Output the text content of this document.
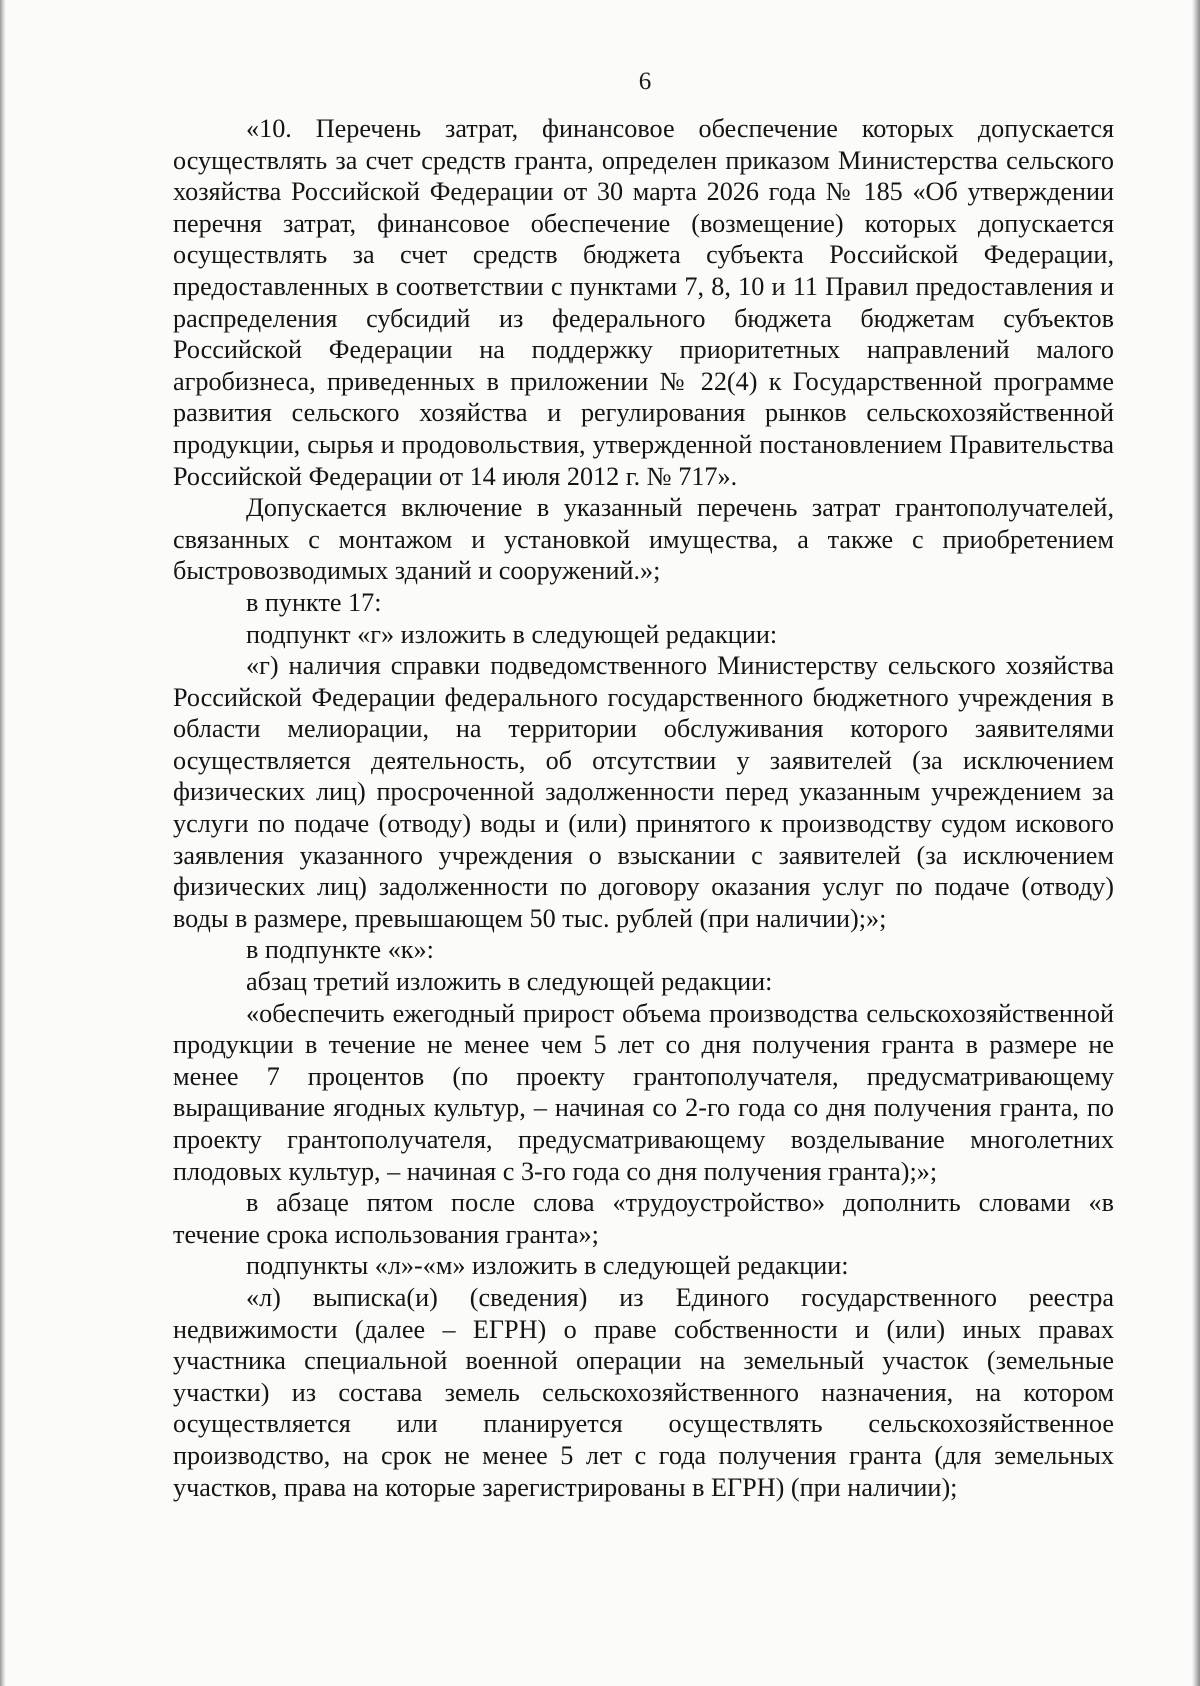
6

«10. Перечень затрат, финансовое обеспечение которых допускается осуществлять за счет средств гранта, определен приказом Министерства сельского хозяйства Российской Федерации от 30 марта 2026 года № 185 «Об утверждении перечня затрат, финансовое обеспечение (возмещение) которых допускается осуществлять за счет средств бюджета субъекта Российской Федерации, предоставленных в соответствии с пунктами 7, 8, 10 и 11 Правил предоставления и распределения субсидий из федерального бюджета бюджетам субъектов Российской Федерации на поддержку приоритетных направлений малого агробизнеса, приведенных в приложении № 22(4) к Государственной программе развития сельского хозяйства и регулирования рынков сельскохозяйственной продукции, сырья и продовольствия, утвержденной постановлением Правительства Российской Федерации от 14 июля 2012 г. № 717».

Допускается включение в указанный перечень затрат грантополучателей, связанных с монтажом и установкой имущества, а также с приобретением быстровозводимых зданий и сооружений.»;

в пункте 17:

подпункт «г» изложить в следующей редакции:

«г) наличия справки подведомственного Министерству сельского хозяйства Российской Федерации федерального государственного бюджетного учреждения в области мелиорации, на территории обслуживания которого заявителями осуществляется деятельность, об отсутствии у заявителей (за исключением физических лиц) просроченной задолженности перед указанным учреждением за услуги по подаче (отводу) воды и (или) принятого к производству судом искового заявления указанного учреждения о взыскании с заявителей (за исключением физических лиц) задолженности по договору оказания услуг по подаче (отводу) воды в размере, превышающем 50 тыс. рублей (при наличии);»;

в подпункте «к»:

абзац третий изложить в следующей редакции:

«обеспечить ежегодный прирост объема производства сельскохозяйственной продукции в течение не менее чем 5 лет со дня получения гранта в размере не менее 7 процентов (по проекту грантополучателя, предусматривающему выращивание ягодных культур, – начиная со 2-го года со дня получения гранта, по проекту грантополучателя, предусматривающему возделывание многолетних плодовых культур, – начиная с 3-го года со дня получения гранта);»;

в абзаце пятом после слова «трудоустройство» дополнить словами «в течение срока использования гранта»;

подпункты «л»-«м» изложить в следующей редакции:

«л) выписка(и) (сведения) из Единого государственного реестра недвижимости (далее – ЕГРН) о праве собственности и (или) иных правах участника специальной военной операции на земельный участок (земельные участки) из состава земель сельскохозяйственного назначения, на котором осуществляется или планируется осуществлять сельскохозяйственное производство, на срок не менее 5 лет с года получения гранта (для земельных участков, права на которые зарегистрированы в ЕГРН) (при наличии);
